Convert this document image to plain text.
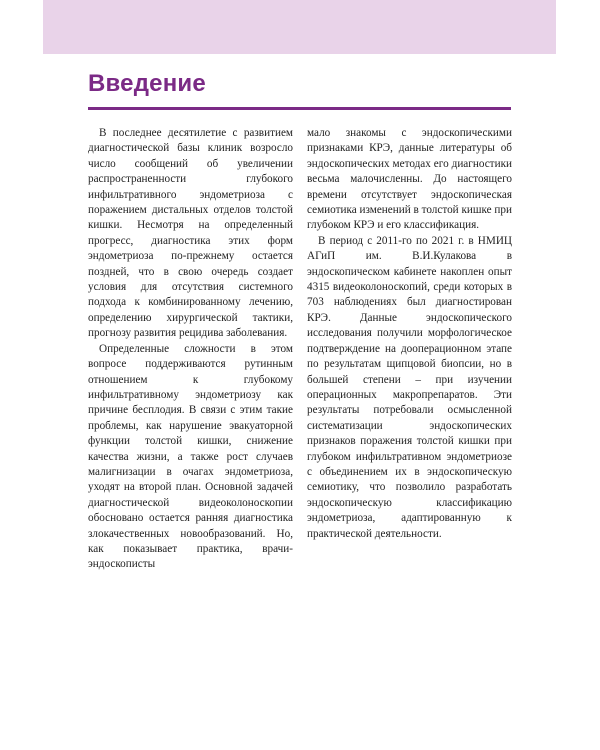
Введение

В последнее десятилетие с развитием диагностической базы клиник возросло число сообщений об увеличении распространенности глубокого инфильтративного эндометриоза с поражением дистальных отделов толстой кишки. Несмотря на определенный прогресс, диагностика этих форм эндометриоза по-прежнему остается поздней, что в свою очередь создает условия для отсутствия системного подхода к комбинированному лечению, определению хирургической тактики, прогнозу развития рецидива заболевания.

Определенные сложности в этом вопросе поддерживаются рутинным отношением к глубокому инфильтративному эндометриозу как причине бесплодия. В связи с этим такие проблемы, как нарушение эвакуаторной функции толстой кишки, снижение качества жизни, а также рост случаев малигнизации в очагах эндометриоза, уходят на второй план. Основной задачей диагностической видеоколоноскопии обосновано остается ранняя диагностика злокачественных новообразований. Но, как показывает практика, врачи-эндоскописты

мало знакомы с эндоскопическими признаками КРЭ, данные литературы об эндоскопических методах его диагностики весьма малочисленны. До настоящего времени отсутствует эндоскопическая семиотика изменений в толстой кишке при глубоком КРЭ и его классификация.

В период с 2011-го по 2021 г. в НМИЦ АГиП им. В.И.Кулакова в эндоскопическом кабинете накоплен опыт 4315 видеоколоноскопий, среди которых в 703 наблюдениях был диагностирован КРЭ. Данные эндоскопического исследования получили морфологическое подтверждение на дооперационном этапе по результатам щипцовой биопсии, но в большей степени – при изучении операционных макропрепаратов. Эти результаты потребовали осмысленной систематизации эндоскопических признаков поражения толстой кишки при глубоком инфильтративном эндометриозе с объединением их в эндоскопическую семиотику, что позволило разработать эндоскопическую классификацию эндометриоза, адаптированную к практической деятельности.
